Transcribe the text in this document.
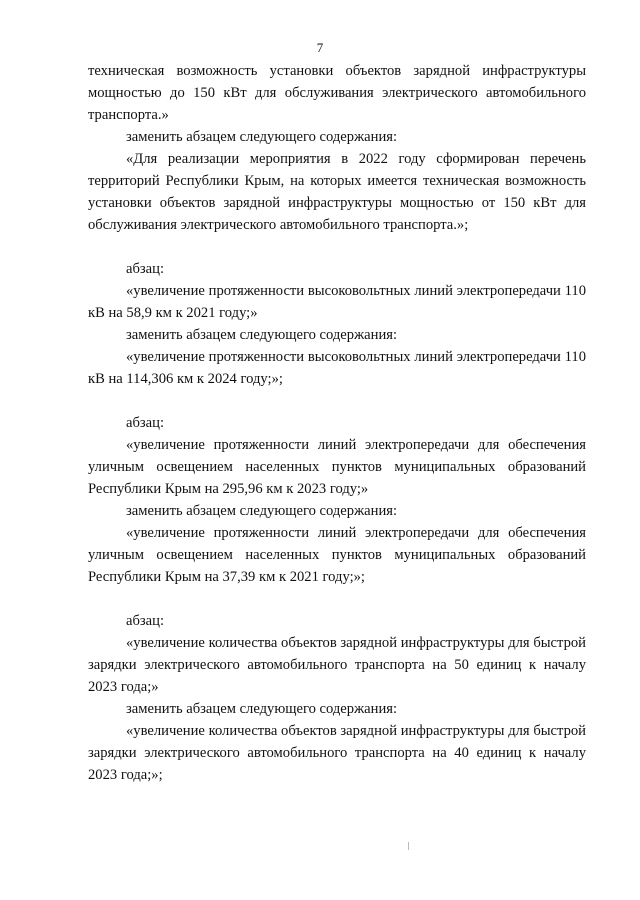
7

техническая возможность установки объектов зарядной инфраструктуры мощностью до 150 кВт для обслуживания электрического автомобильного транспорта.»

заменить абзацем следующего содержания:

«Для реализации мероприятия в 2022 году сформирован перечень территорий Республики Крым, на которых имеется техническая возможность установки объектов зарядной инфраструктуры мощностью от 150 кВт для обслуживания электрического автомобильного транспорта.»;

абзац:

«увеличение протяженности высоковольтных линий электропередачи 110 кВ на 58,9 км к 2021 году;»

заменить абзацем следующего содержания:

«увеличение протяженности высоковольтных линий электропередачи 110 кВ на 114,306 км к 2024 году;»;

абзац:

«увеличение протяженности линий электропередачи для обеспечения уличным освещением населенных пунктов муниципальных образований Республики Крым на 295,96 км к 2023 году;»

заменить абзацем следующего содержания:

«увеличение протяженности линий электропередачи для обеспечения уличным освещением населенных пунктов муниципальных образований Республики Крым на 37,39 км к 2021 году;»;

абзац:

«увеличение количества объектов зарядной инфраструктуры для быстрой зарядки электрического автомобильного транспорта на 50 единиц к началу 2023 года;»

заменить абзацем следующего содержания:

«увеличение количества объектов зарядной инфраструктуры для быстрой зарядки электрического автомобильного транспорта на 40 единиц к началу 2023 года;»;
